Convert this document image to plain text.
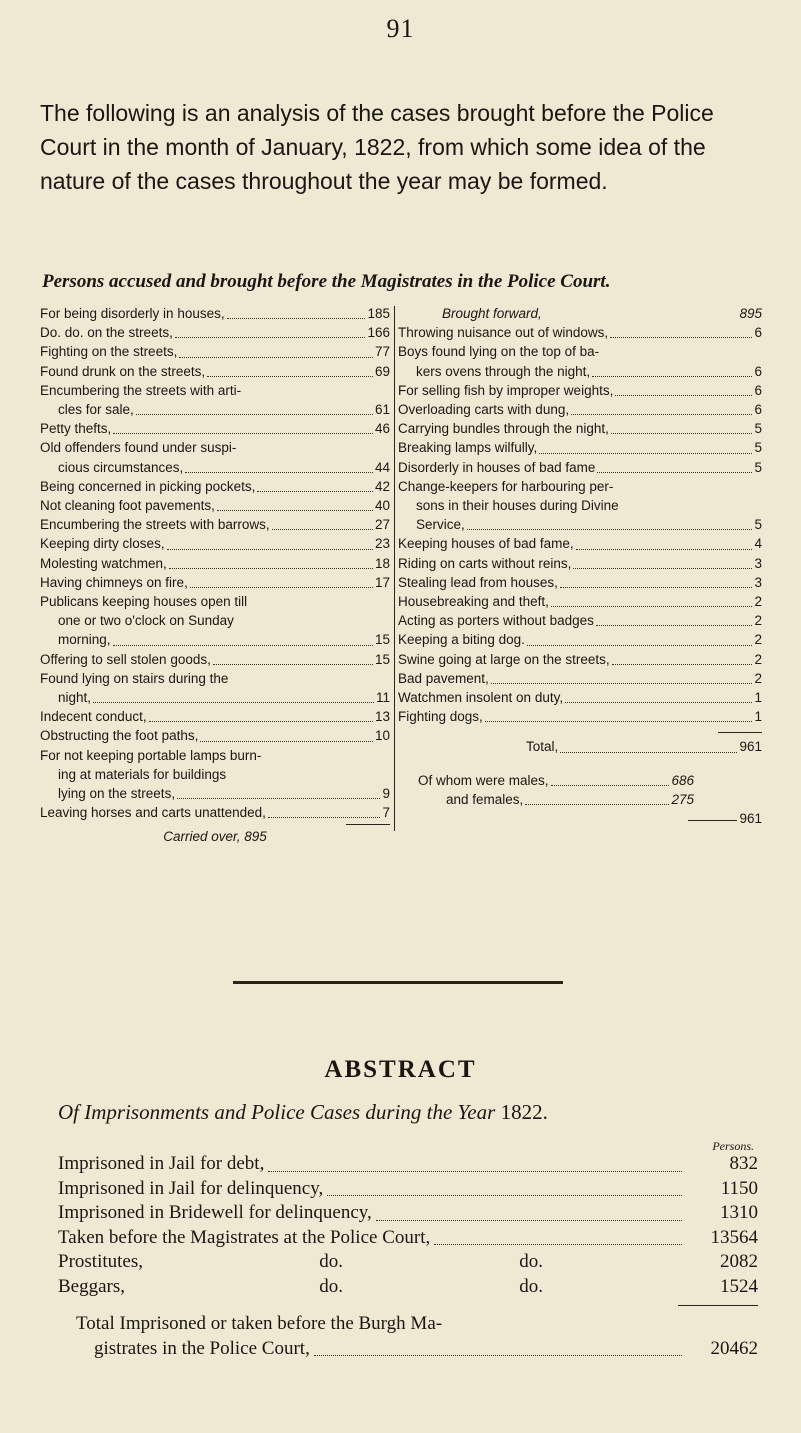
91

The following is an analysis of the cases brought before the Police Court in the month of January, 1822, from which some idea of the nature of the cases throughout the year may be formed.

Persons accused and brought before the Magistrates in the Police Court.
For being disorderly in houses,	185
Do. do. on the streets,	166
Fighting on the streets,	77
Found drunk on the streets,	69
Encumbering the streets with arti-
cles for sale,	61
Petty thefts,	46
Old offenders found under suspi-
cious circumstances,	44
Being concerned in picking pockets,	42
Not cleaning foot pavements,	40
Encumbering the streets with barrows,	27
Keeping dirty closes,	23
Molesting watchmen,	18
Having chimneys on fire,	17
Publicans keeping houses open till
one or two o'clock on Sunday
morning,	15
Offering to sell stolen goods,	15
Found lying on stairs during the
night,	11
Indecent conduct,	13
Obstructing the foot paths,	10
For not keeping portable lamps burn-
ing at materials for buildings
lying on the streets,	9
Leaving horses and carts unattended,	7
Carried over, 895
Brought forward,	895
Throwing nuisance out of windows,	6
Boys found lying on the top of ba-
kers ovens through the night,	6
For selling fish by improper weights,	6
Overloading carts with dung,	6
Carrying bundles through the night,	5
Breaking lamps wilfully,	5
Disorderly in houses of bad fame	5
Change-keepers for harbouring per-
sons in their houses during Divine
Service,	5
Keeping houses of bad fame,	4
Riding on carts without reins,	3
Stealing lead from houses,	3
Housebreaking and theft,	2
Acting as porters without badges	2
Keeping a biting dog.	2
Swine going at large on the streets,	2
Bad pavement,	2
Watchmen insolent on duty,	1
Fighting dogs,	1
Total,	961
Of whom were males,	686
and females,	275
961
ABSTRACT
Of Imprisonments and Police Cases during the Year 1822.
Persons.
Imprisoned in Jail for debt,	832
Imprisoned in Jail for delinquency,	1150
Imprisoned in Bridewell for delinquency,	1310
Taken before the Magistrates at the Police Court,	13564
Prostitutes,	do.	do.	2082
Beggars,	do.	do.	1524
Total Imprisoned or taken before the Burgh Ma-
gistrates in the Police Court,	20462
